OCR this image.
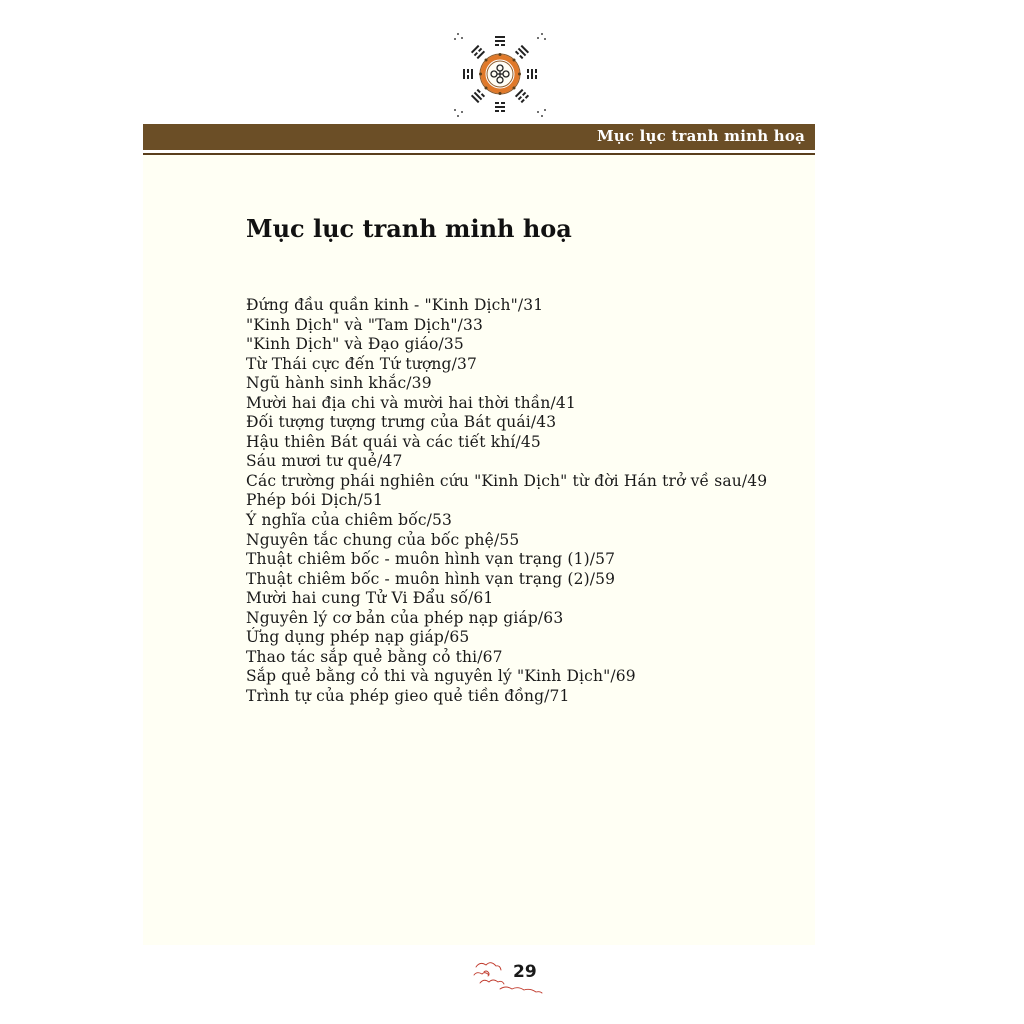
Mục lục tranh minh hoạ
Mục lục tranh minh hoạ
Đứng đầu quần kinh - "Kinh Dịch"/31
"Kinh Dịch" và "Tam Dịch"/33
"Kinh Dịch" và Đạo giáo/35
Từ Thái cực đến Tứ tượng/37
Ngũ hành sinh khắc/39
Mười hai địa chi và mười hai thời thần/41
Đối tượng tượng trưng của Bát quái/43
Hậu thiên Bát quái và các tiết khí/45
Sáu mươi tư quẻ/47
Các trường phái nghiên cứu "Kinh Dịch" từ đời Hán trở về sau/49
Phép bói Dịch/51
Ý nghĩa của chiêm bốc/53
Nguyên tắc chung của bốc phệ/55
Thuật chiêm bốc - muôn hình vạn trạng (1)/57
Thuật chiêm bốc - muôn hình vạn trạng (2)/59
Mười hai cung Tử Vi Đẩu số/61
Nguyên lý cơ bản của phép nạp giáp/63
Ứng dụng phép nạp giáp/65
Thao tác sắp quẻ bằng cỏ thi/67
Sắp quẻ bằng cỏ thi và nguyên lý "Kinh Dịch"/69
Trình tự của phép gieo quẻ tiền đồng/71
29
